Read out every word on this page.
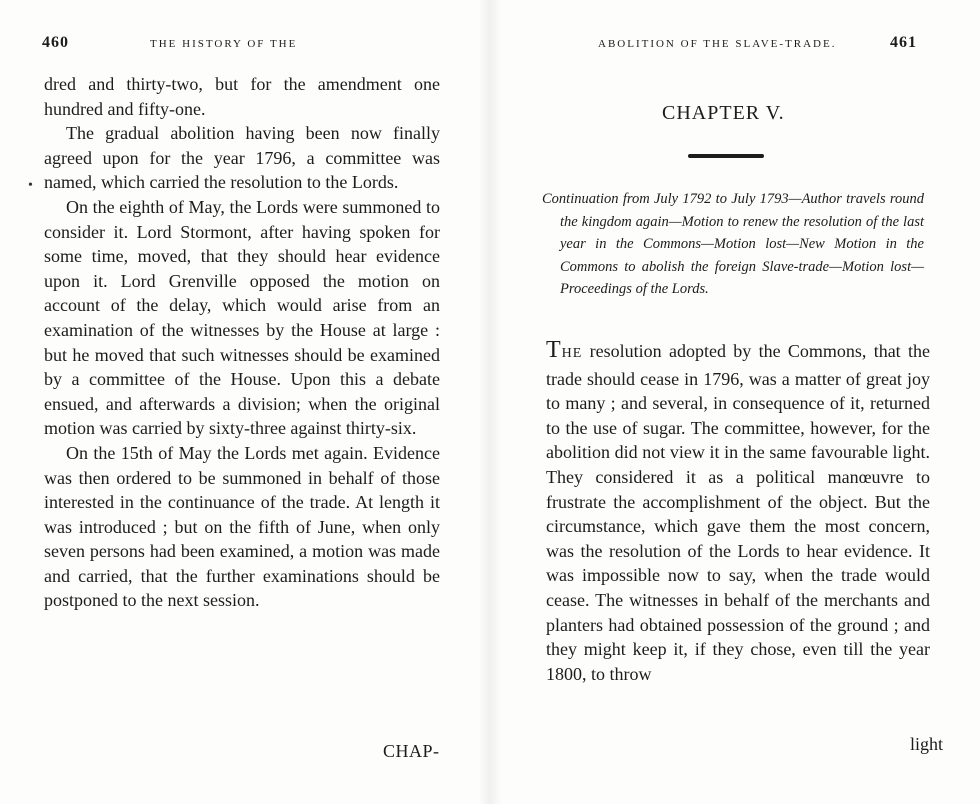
460	THE HISTORY OF THE
•

dred and thirty-two, but for the amendment one hundred and fifty-one.

The gradual abolition having been now finally agreed upon for the year 1796, a committee was named, which carried the resolution to the Lords.

On the eighth of May, the Lords were summoned to consider it. Lord Stormont, after having spoken for some time, moved, that they should hear evidence upon it. Lord Grenville opposed the motion on account of the delay, which would arise from an examination of the witnesses by the House at large : but he moved that such witnesses should be examined by a committee of the House. Upon this a debate ensued, and afterwards a division; when the original motion was carried by sixty-three against thirty-six.

On the 15th of May the Lords met again. Evidence was then ordered to be summoned in behalf of those interested in the continuance of the trade. At length it was introduced ; but on the fifth of June, when only seven persons had been examined, a motion was made and carried, that the further examinations should be postponed to the next session.

CHAP-
ABOLITION OF THE SLAVE-TRADE.	461
CHAPTER V.

Continuation from July 1792 to July 1793—Author travels round the kingdom again—Motion to renew the resolution of the last year in the Commons—Motion lost—New Motion in the Commons to abolish the foreign Slave-trade—Motion lost—Proceedings of the Lords.

THE resolution adopted by the Commons, that the trade should cease in 1796, was a matter of great joy to many ; and several, in consequence of it, returned to the use of sugar. The committee, however, for the abolition did not view it in the same favourable light. They considered it as a political manœuvre to frustrate the accomplishment of the object. But the circumstance, which gave them the most concern, was the resolution of the Lords to hear evidence. It was impossible now to say, when the trade would cease. The witnesses in behalf of the merchants and planters had obtained possession of the ground ; and they might keep it, if they chose, even till the year 1800, to throw

light
